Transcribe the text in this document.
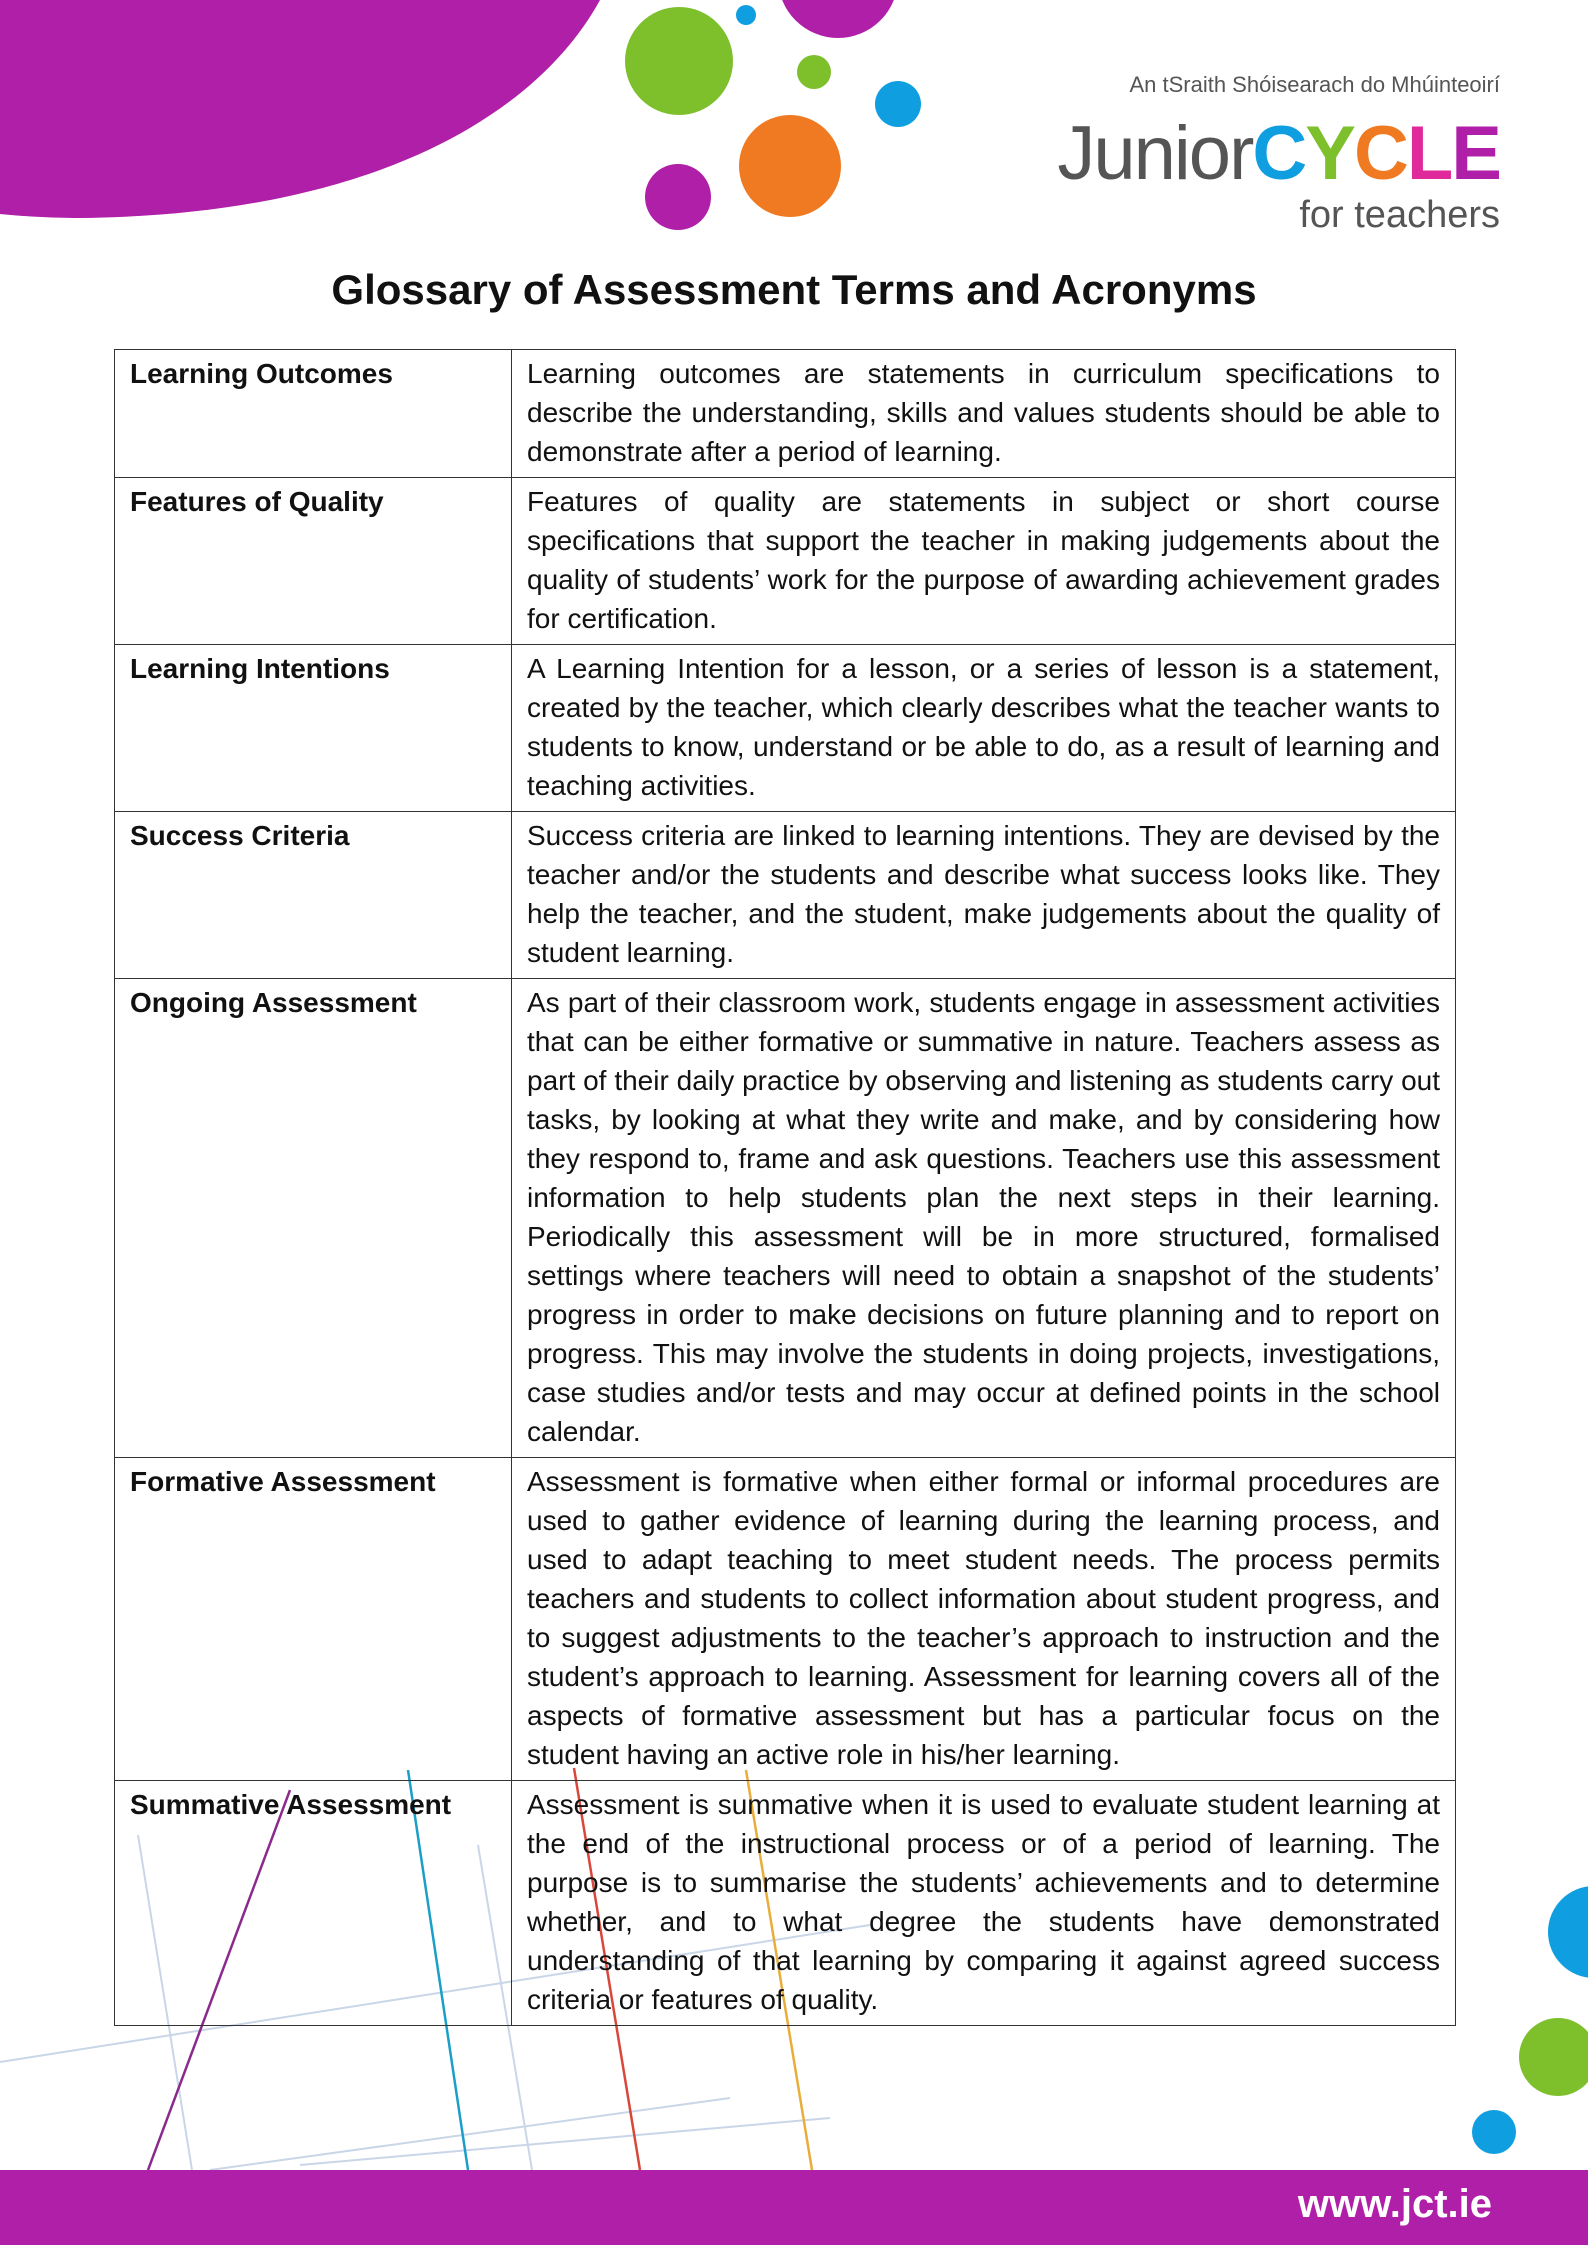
An tSraith Shóisearach do Mhúinteoirí
JuniorCYCLE
for teachers
Glossary of Assessment Terms and Acronyms
Learning Outcomes	Learning outcomes are statements in curriculum specifications to describe the understanding, skills and values students should be able to demonstrate after a period of learning.
Features of Quality	Features of quality are statements in subject or short course specifications that support the teacher in making judgements about the quality of students’ work for the purpose of awarding achievement grades for certification.
Learning Intentions	A Learning Intention for a lesson, or a series of lesson is a statement, created by the teacher, which clearly describes what the teacher wants to students to know, understand or be able to do, as a result of learning and teaching activities.
Success Criteria	Success criteria are linked to learning intentions. They are devised by the teacher and/or the students and describe what success looks like. They help the teacher, and the student, make judgements about the quality of student learning.
Ongoing Assessment	As part of their classroom work, students engage in assessment activities that can be either formative or summative in nature. Teachers assess as part of their daily practice by observing and listening as students carry out tasks, by looking at what they write and make, and by considering how they respond to, frame and ask questions. Teachers use this assessment information to help students plan the next steps in their learning. Periodically this assessment will be in more structured, formalised settings where teachers will need to obtain a snapshot of the students’ progress in order to make decisions on future planning and to report on progress. This may involve the students in doing projects, investigations, case studies and/or tests and may occur at defined points in the school calendar.
Formative Assessment	Assessment is formative when either formal or informal procedures are used to gather evidence of learning during the learning process, and used to adapt teaching to meet student needs. The process permits teachers and students to collect information about student progress, and to suggest adjustments to the teacher’s approach to instruction and the student’s approach to learning. Assessment for learning covers all of the aspects of formative assessment but has a particular focus on the student having an active role in his/her learning.
Summative Assessment	Assessment is summative when it is used to evaluate student learning at the end of the instructional process or of a period of learning. The purpose is to summarise the students’ achievements and to determine whether, and to what degree the students have demonstrated understanding of that learning by comparing it against agreed success criteria or features of quality.
www.jct.ie
